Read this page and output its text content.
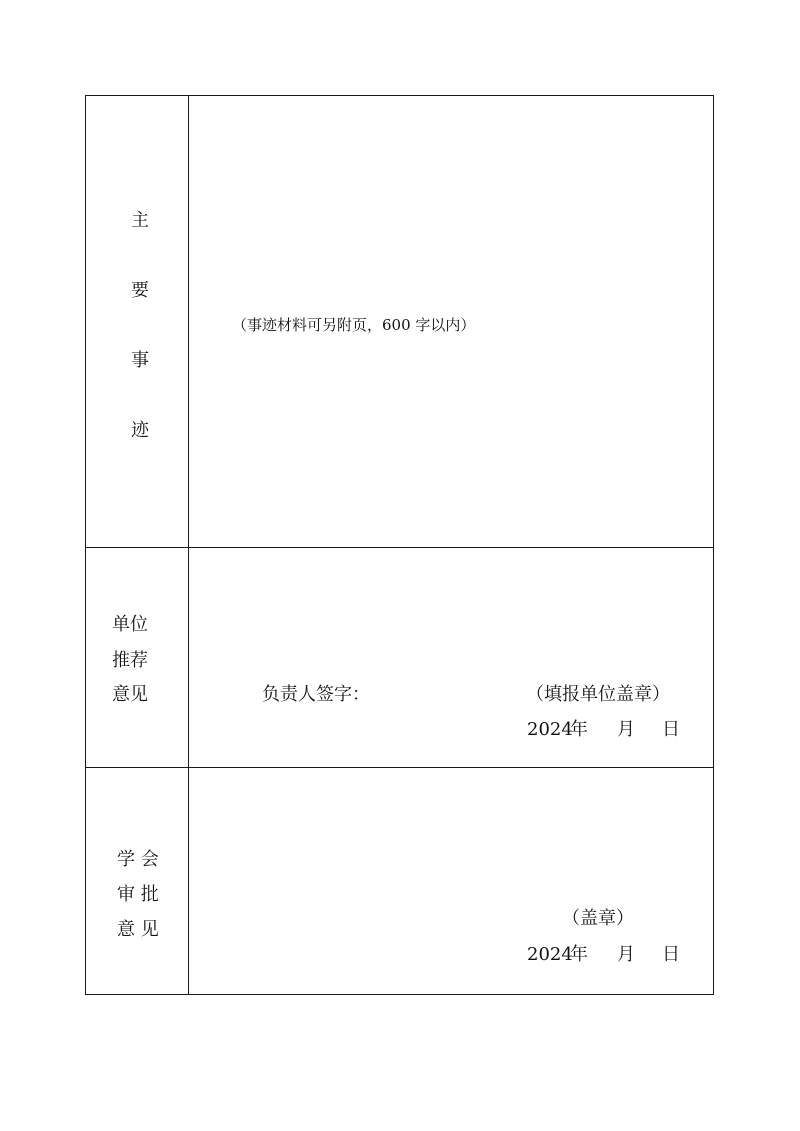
主
要
事
迹
（事迹材料可另附页，600 字以内）
单位
推荐
意见	负责人签字：	（填报单位盖章）
2024
年 月 日
学 会
审 批
意 见
（盖章）
2024
年 月 日
